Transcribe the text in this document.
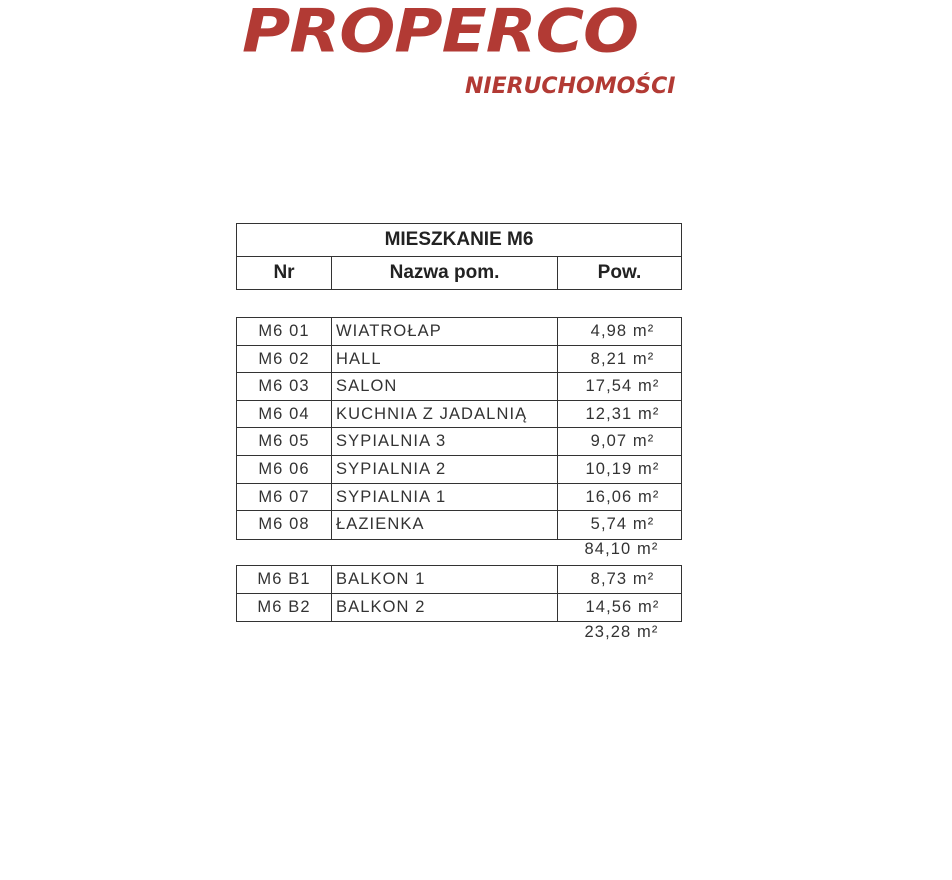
PROPERCO
NIERUCHOMOŚCI
MIESZKANIE M6
Nr	Nazwa pom.	Pow.
M6 01	WIATROŁAP	4,98 m²
M6 02	HALL	8,21 m²
M6 03	SALON	17,54 m²
M6 04	KUCHNIA Z JADALNIĄ	12,31 m²
M6 05	SYPIALNIA 3	9,07 m²
M6 06	SYPIALNIA 2	10,19 m²
M6 07	SYPIALNIA 1	16,06 m²
M6 08	ŁAZIENKA	5,74 m²
84,10 m²
M6 B1	BALKON 1	8,73 m²
M6 B2	BALKON 2	14,56 m²
23,28 m²
